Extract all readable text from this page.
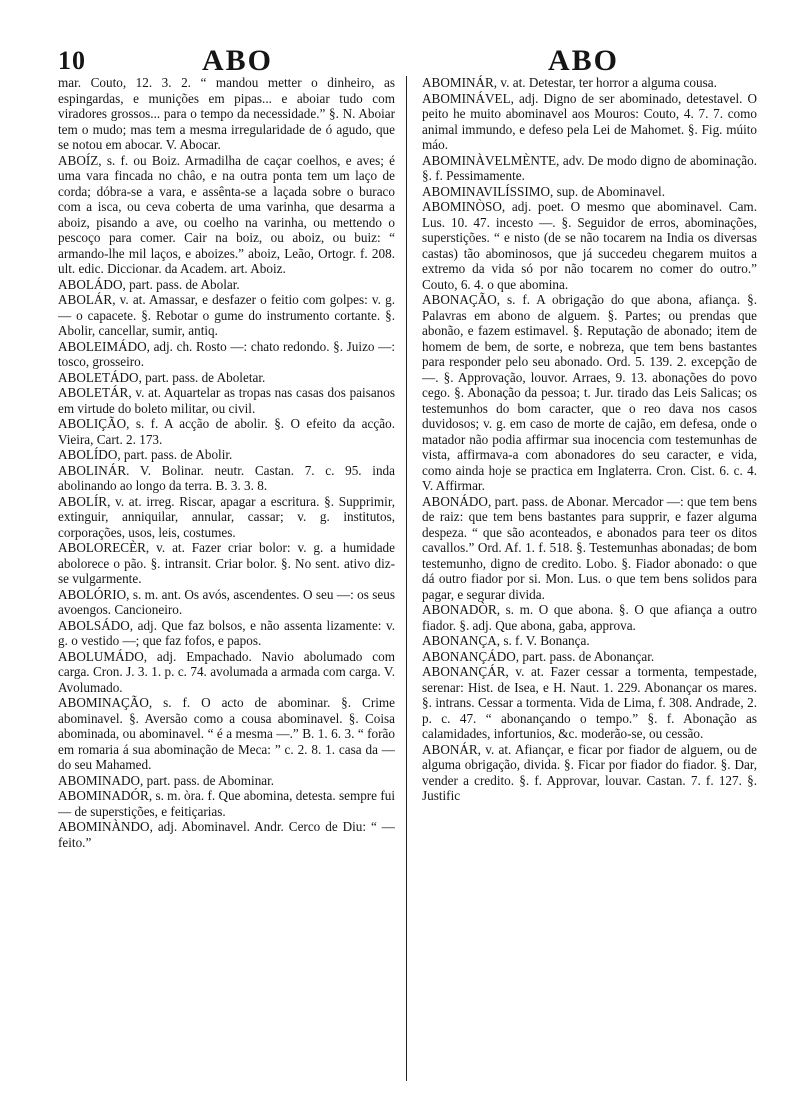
10	ABO	ABO

mar. Couto, 12. 3. 2. “ mandou metter o dinheiro, as espingardas, e munições em pipas... e aboiar tudo com viradores grossos... para o tempo da necessidade.” §. N. Aboiar tem o mudo; mas tem a mesma irregularidade de ó agudo, que se notou em abocar. V. Abocar.

ABOÍZ, s. f. ou Boiz. Armadilha de caçar coelhos, e aves; é uma vara fincada no châo, e na outra ponta tem um laço de corda; dóbra-se a vara, e assênta-se a laçada sobre o buraco com a isca, ou ceva coberta de uma varinha, que desarma a aboiz, pisando a ave, ou coelho na varinha, ou mettendo o pescoço para comer. Cair na boiz, ou aboiz, ou buiz: “ armando-lhe mil laços, e aboizes.” aboiz, Leão, Ortogr. f. 208. ult. edic. Diccionar. da Academ. art. Aboiz.

ABOLÁDO, part. pass. de Abolar.

ABOLÁR, v. at. Amassar, e desfazer o feitio com golpes: v. g. — o capacete. §. Rebotar o gume do instrumento cortante. §. Abolir, cancellar, sumir, antiq.

ABOLEIMÁDO, adj. ch. Rosto —: chato redondo. §. Juizo —: tosco, grosseiro.

ABOLETÁDO, part. pass. de Aboletar.

ABOLETÁR, v. at. Aquartelar as tropas nas casas dos paisanos em virtude do boleto militar, ou civil.

ABOLIÇÃO, s. f. A acção de abolir. §. O efeito da acção. Vieira, Cart. 2. 173.

ABOLÍDO, part. pass. de Abolir.

ABOLINÁR. V. Bolinar. neutr. Castan. 7. c. 95. inda abolinando ao longo da terra. B. 3. 3. 8.

ABOLÍR, v. at. irreg. Riscar, apagar a escritura. §. Supprimir, extinguir, anniquilar, annular, cassar; v. g. institutos, corporações, usos, leis, costumes.

ABOLORECÈR, v. at. Fazer criar bolor: v. g. a humidade abolorece o pão. §. intransit. Criar bolor. §. No sent. ativo diz-se vulgarmente.

ABOLÓRIO, s. m. ant. Os avós, ascendentes. O seu —: os seus avoengos. Cancioneiro.

ABOLSÁDO, adj. Que faz bolsos, e não assenta lizamente: v. g. o vestido —; que faz fofos, e papos.

ABOLUMÁDO, adj. Empachado. Navio abolumado com carga. Cron. J. 3. 1. p. c. 74. avolumada a armada com carga. V. Avolumado.

ABOMINAÇÃO, s. f. O acto de abominar. §. Crime abominavel. §. Aversão como a cousa abominavel. §. Coisa abominada, ou abominavel. “ é a mesma —.” B. 1. 6. 3. “ forão em romaria á sua abominação de Meca: ” c. 2. 8. 1. casa da — do seu Mahamed.

ABOMINADO, part. pass. de Abominar.

ABOMINADÓR, s. m. òra. f. Que abomina, detesta. sempre fui — de superstições, e feitiçarias.

ABOMINÀNDO, adj. Abominavel. Andr. Cerco de Diu: “ — feito.”

ABOMINÁR, v. at. Detestar, ter horror a alguma cousa.

ABOMINÁVEL, adj. Digno de ser abominado, detestavel. O peito he muito abominavel aos Mouros: Couto, 4. 7. 7. como animal immundo, e defeso pela Lei de Mahomet. §. Fig. múito máo.

ABOMINÀVELMÈNTE, adv. De modo digno de abominação. §. f. Pessimamente.

ABOMINAVILÍSSIMO, sup. de Abominavel.

ABOMINÒSO, adj. poet. O mesmo que abominavel. Cam. Lus. 10. 47. incesto —. §. Seguidor de erros, abominações, superstições. “ e nisto (de se não tocarem na India os diversas castas) tão abominosos, que já succedeu chegarem muitos a extremo da vida só por não tocarem no comer do outro.” Couto, 6. 4. o que abomina.

ABONAÇÃO, s. f. A obrigação do que abona, afiança. §. Palavras em abono de alguem. §. Partes; ou prendas que abonão, e fazem estimavel. §. Reputação de abonado; item de homem de bem, de sorte, e nobreza, que tem bens bastantes para responder pelo seu abonado. Ord. 5. 139. 2. excepção de —. §. Approvação, louvor. Arraes, 9. 13. abonações do povo cego. §. Abonação da pessoa; t. Jur. tirado das Leis Salicas; os testemunhos do bom caracter, que o reo dava nos casos duvidosos; v. g. em caso de morte de cajão, em defesa, onde o matador não podia affirmar sua inocencia com testemunhas de vista, affirmava-a com abonadores do seu caracter, e vida, como ainda hoje se practica em Inglaterra. Cron. Cist. 6. c. 4. V. Affirmar.

ABONÁDO, part. pass. de Abonar. Mercador —: que tem bens de raiz: que tem bens bastantes para supprir, e fazer alguma despeza. “ que são aconteados, e abonados para teer os ditos cavallos.” Ord. Af. 1. f. 518. §. Testemunhas abonadas; de bom testemunho, digno de credito. Lobo. §. Fiador abonado: o que dá outro fiador por si. Mon. Lus. o que tem bens solidos para pagar, e segurar divida.

ABONADÒR, s. m. O que abona. §. O que afiança a outro fiador. §. adj. Que abona, gaba, approva.

ABONANÇA, s. f. V. Bonança.

ABONANÇÁDO, part. pass. de Abonançar.

ABONANÇÁR, v. at. Fazer cessar a tormenta, tempestade, serenar: Hist. de Isea, e H. Naut. 1. 229. Abonançar os mares. §. intrans. Cessar a tormenta. Vida de Lima, f. 308. Andrade, 2. p. c. 47. “ abonançando o tempo.” §. f. Abonação as calamidades, infortunios, &c. moderão-se, ou cessão.

ABONÁR, v. at. Afiançar, e ficar por fiador de alguem, ou de alguma obrigação, divida. §. Ficar por fiador do fiador. §. Dar, vender a credito. §. f. Approvar, louvar. Castan. 7. f. 127. §. Justific
